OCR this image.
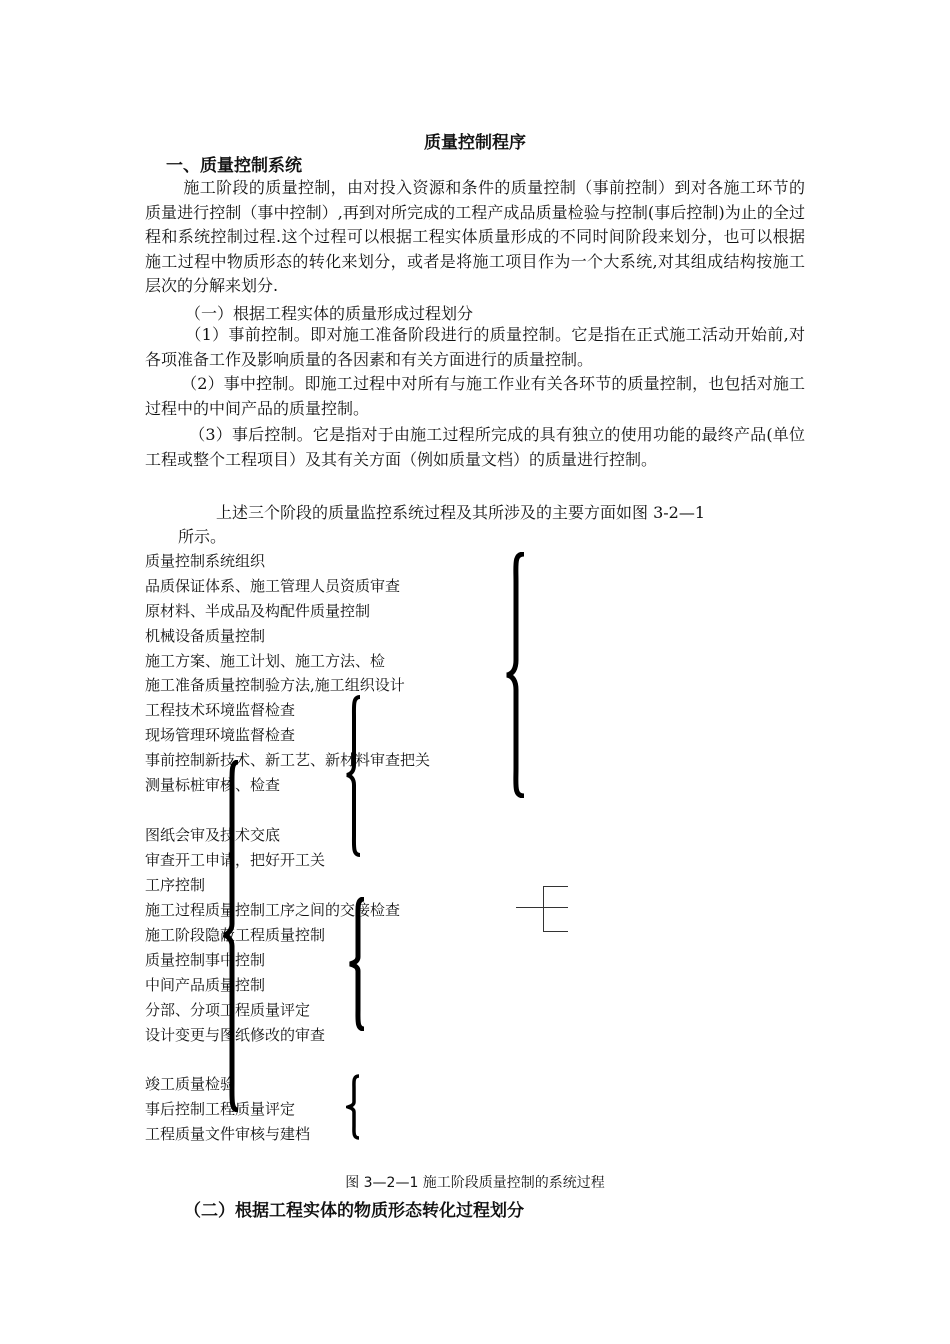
质量控制程序
一、质量控制系统
施工阶段的质量控制，由对投入资源和条件的质量控制（事前控制）到对各施工环节的质量进行控制（事中控制）,再到对所完成的工程产成品质量检验与控制(事后控制)为止的全过程和系统控制过程.这个过程可以根据工程实体质量形成的不同时间阶段来划分，也可以根据施工过程中物质形态的转化来划分，或者是将施工项目作为一个大系统,对其组成结构按施工层次的分解来划分.
（一）根据工程实体的质量形成过程划分
（1）事前控制。即对施工准备阶段进行的质量控制。它是指在正式施工活动开始前,对各项准备工作及影响质量的各因素和有关方面进行的质量控制。
（2）事中控制。即施工过程中对所有与施工作业有关各环节的质量控制，也包括对施工过程中的中间产品的质量控制。
（3）事后控制。它是指对于由施工过程所完成的具有独立的使用功能的最终产品(单位工程或整个工程项目）及其有关方面（例如质量文档）的质量进行控制。
上述三个阶段的质量监控系统过程及其所涉及的主要方面如图 3-2—1
所示。
质量控制系统组织
品质保证体系、施工管理人员资质审查
原材料、半成品及构配件质量控制
机械设备质量控制
施工方案、施工计划、施工方法、检
施工准备质量控制验方法,施工组织设计
工程技术环境监督检查
现场管理环境监督检查
事前控制新技术、新工艺、新材料审查把关
测量标桩审核、检查
图纸会审及技术交底
审查开工申请，把好开工关
工序控制
施工过程质量控制工序之间的交接检查
施工阶段隐蔽工程质量控制
质量控制事中控制
中间产品质量控制
分部、分项工程质量评定
设计变更与图纸修改的审查
竣工质量检验
事后控制工程质量评定
工程质量文件审核与建档
图 3—2—1 施工阶段质量控制的系统过程
（二）根据工程实体的物质形态转化过程划分
